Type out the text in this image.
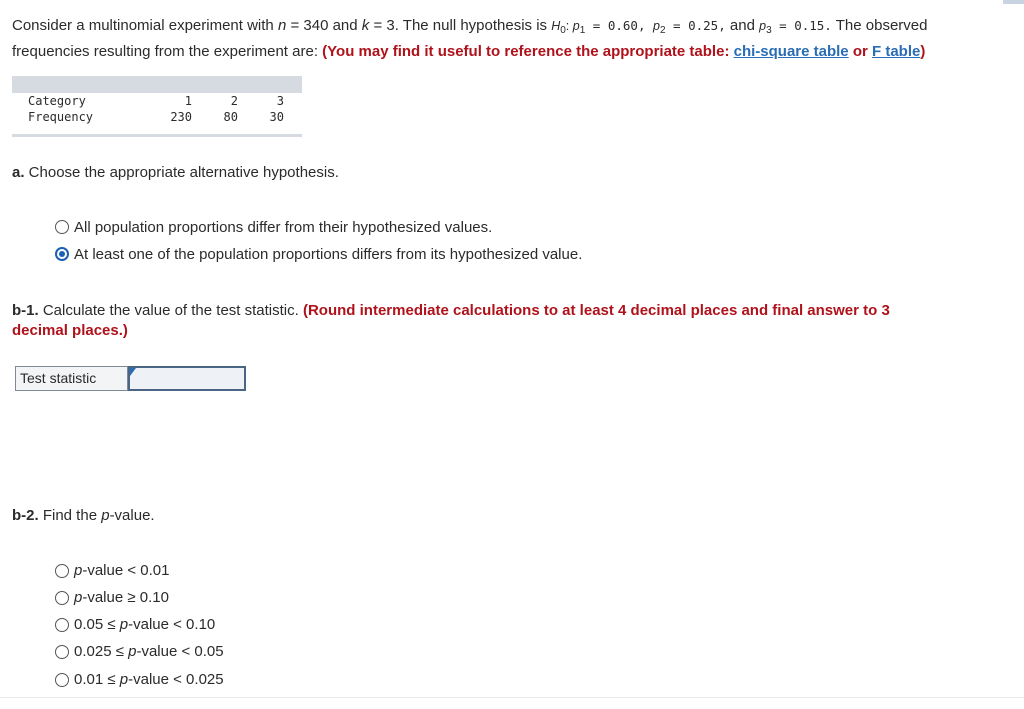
Consider a multinomial experiment with n = 340 and k = 3. The null hypothesis is $H_0$: $p_1 = 0.60$, $p_2 = 0.25$, and $p_3 = 0.15$. The observed
frequencies resulting from the experiment are: (You may find it useful to reference the appropriate table: chi-square table or F table)
Category	1	2	3
Frequency	230	80	30
a. Choose the appropriate alternative hypothesis.
All population proportions differ from their hypothesized values.
At least one of the population proportions differs from its hypothesized value.
b-1. Calculate the value of the test statistic. (Round intermediate calculations to at least 4 decimal places and final answer to 3
decimal places.)
Test statistic
b-2. Find the p-value.
p-value < 0.01
p-value ≥ 0.10
0.05 ≤ p-value < 0.10
0.025 ≤ p-value < 0.05
0.01 ≤ p-value < 0.025
